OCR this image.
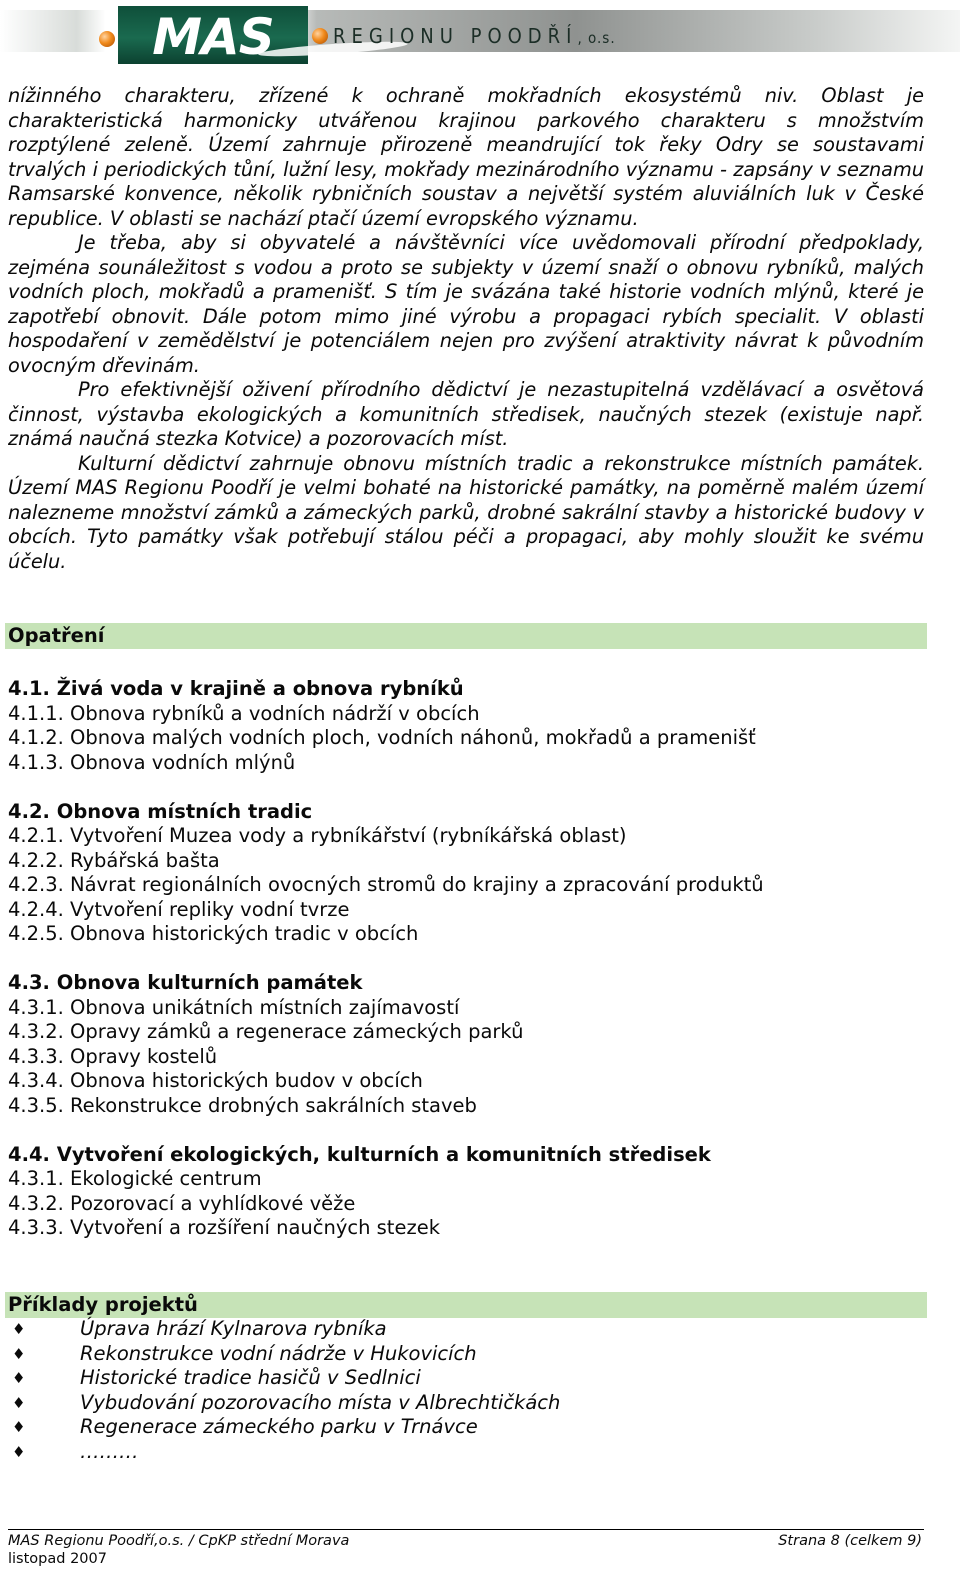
MAS	REGIONU POODŘÍ, o.s.

nížinného charakteru, zřízené k ochraně mokřadních ekosystémů niv. Oblast je charakteristická harmonicky utvářenou krajinou parkového charakteru s množstvím rozptýlené zeleně. Území zahrnuje přirozeně meandrující tok řeky Odry se soustavami trvalých i periodických tůní, lužní lesy, mokřady mezinárodního významu - zapsány v seznamu Ramsarské konvence, několik rybničních soustav a největší systém aluviálních luk v České republice. V oblasti se nachází ptačí území evropského významu.

Je třeba, aby si obyvatelé a návštěvníci více uvědomovali přírodní předpoklady, zejména sounáležitost s vodou a proto se subjekty v území snaží o obnovu rybníků, malých vodních ploch, mokřadů a pramenišť. S tím je svázána také historie vodních mlýnů, které je zapotřebí obnovit. Dále potom mimo jiné výrobu a propagaci rybích specialit. V oblasti hospodaření v zemědělství je potenciálem nejen pro zvýšení atraktivity návrat k původním ovocným dřevinám.

Pro efektivnější oživení přírodního dědictví je nezastupitelná vzdělávací a osvětová činnost, výstavba ekologických a komunitních středisek, naučných stezek (existuje např. známá naučná stezka Kotvice) a pozorovacích míst.

Kulturní dědictví zahrnuje obnovu místních tradic a rekonstrukce místních památek. Území MAS Regionu Poodří je velmi bohaté na historické památky, na poměrně malém území nalezneme množství zámků a zámeckých parků, drobné sakrální stavby a historické budovy v obcích. Tyto památky však potřebují stálou péči a propagaci, aby mohly sloužit ke svému účelu.

Opatření
4.1. Živá voda v krajině a obnova rybníků
4.1.1. Obnova rybníků a vodních nádrží v obcích
4.1.2. Obnova malých vodních ploch, vodních náhonů, mokřadů a pramenišť
4.1.3. Obnova vodních mlýnů
4.2. Obnova místních tradic
4.2.1. Vytvoření Muzea vody a rybníkářství (rybníkářská oblast)
4.2.2. Rybářská bašta
4.2.3. Návrat regionálních ovocných stromů do krajiny a zpracování produktů
4.2.4. Vytvoření repliky vodní tvrze
4.2.5. Obnova historických tradic v obcích
4.3. Obnova kulturních památek
4.3.1. Obnova unikátních místních zajímavostí
4.3.2. Opravy zámků a regenerace zámeckých parků
4.3.3. Opravy kostelů
4.3.4. Obnova historických budov v obcích
4.3.5. Rekonstrukce drobných sakrálních staveb
4.4. Vytvoření ekologických, kulturních a komunitních středisek
4.3.1. Ekologické centrum
4.3.2. Pozorovací a vyhlídkové věže
4.3.3. Vytvoření a rozšíření naučných stezek
Příklady projektů
♦	Úprava hrází Kylnarova rybníka
♦	Rekonstrukce vodní nádrže v Hukovicích
♦	Historické tradice hasičů v Sedlnici
♦	Vybudování pozorovacího místa v Albrechtičkách
♦	Regenerace zámeckého parku v Trnávce
♦	………
MAS Regionu Poodří,o.s. / CpKP střední Morava
listopad 2007
Strana 8 (celkem 9)
